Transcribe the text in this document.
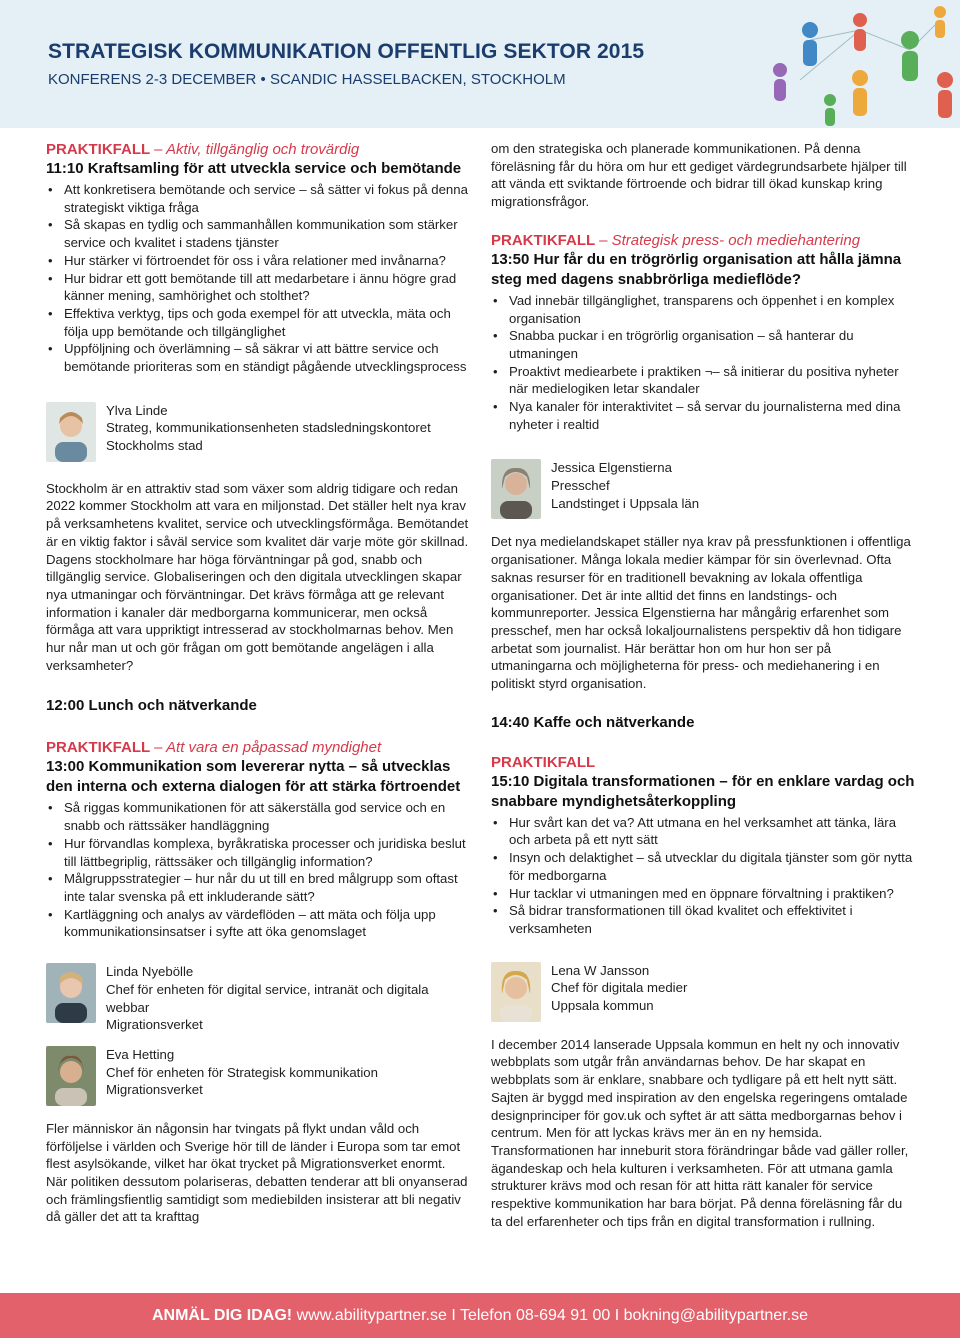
STRATEGISK KOMMUNIKATION OFFENTLIG SEKTOR 2015
KONFERENS 2-3 DECEMBER • SCANDIC HASSELBACKEN, STOCKHOLM
PRAKTIKFALL – Aktiv, tillgänglig och trovärdig
11:10 Kraftsamling för att utveckla service och bemötande
• Att konkretisera bemötande och service – så sätter vi fokus på denna strategiskt viktiga fråga
• Så skapas en tydlig och sammanhållen kommunikation som stärker service och kvalitet i stadens tjänster
• Hur stärker vi förtroendet för oss i våra relationer med invånarna?
• Hur bidrar ett gott bemötande till att medarbetare i ännu högre grad känner mening, samhörighet och stolthet?
• Effektiva verktyg, tips och goda exempel för att utveckla, mäta och följa upp bemötande och tillgänglighet
• Uppföljning och överlämning – så säkrar vi att bättre service och bemötande prioriteras som en ständigt pågående utvecklingsprocess
Ylva Linde
Strateg, kommunikationsenheten stadsledningskontoret
Stockholms stad

Stockholm är en attraktiv stad som växer som aldrig tidigare och redan 2022 kommer Stockholm att vara en miljonstad. Det ställer helt nya krav på verksamhetens kvalitet, service och utvecklingsförmåga. Bemötandet är en viktig faktor i såväl service som kvalitet där varje möte gör skillnad. Dagens stockholmare har höga förväntningar på god, snabb och tillgänglig service. Globaliseringen och den digitala utvecklingen skapar nya utmaningar och förväntningar. Det krävs förmåga att ge relevant information i kanaler där medborgarna kommunicerar, men också förmåga att vara uppriktigt intresserad av stockholmarnas behov. Men hur når man ut och gör frågan om gott bemötande angelägen i alla verksamheter?

12:00 Lunch och nätverkande
PRAKTIKFALL – Att vara en påpassad myndighet
13:00 Kommunikation som levererar nytta – så utvecklas den interna och externa dialogen för att stärka förtroendet
• Så riggas kommunikationen för att säkerställa god service och en snabb och rättssäker handläggning
• Hur förvandlas komplexa, byråkratiska processer och juridiska beslut till lättbegriplig, rättssäker och tillgänglig information?
• Målgruppsstrategier – hur når du ut till en bred målgrupp som oftast inte talar svenska på ett inkluderande sätt?
• Kartläggning och analys av värdeflöden – att mäta och följa upp kommunikationsinsatser i syfte att öka genomslaget
Linda Nyebölle
Chef för enheten för digital service, intranät och digitala webbar
Migrationsverket
Eva Hetting
Chef för enheten för Strategisk kommunikation
Migrationsverket

Fler människor än någonsin har tvingats på flykt undan våld och förföljelse i världen och Sverige hör till de länder i Europa som tar emot flest asylsökande, vilket har ökat trycket på Migrationsverket enormt. När politiken dessutom polariseras, debatten tenderar att bli onyanserad och främlingsfientlig samtidigt som mediebilden insisterar att bli negativ då gäller det att ta krafttag

om den strategiska och planerade kommunikationen. På denna föreläsning får du höra om hur ett gediget värdegrundsarbete hjälper till att vända ett sviktande förtroende och bidrar till ökad kunskap kring migrationsfrågor.

PRAKTIKFALL – Strategisk press- och mediehantering
13:50 Hur får du en trögrörlig organisation att hålla jämna steg med dagens snabbrörliga medieflöde?
• Vad innebär tillgänglighet, transparens och öppenhet i en komplex organisation
• Snabba puckar i en trögrörlig organisation – så hanterar du utmaningen
• Proaktivt mediearbete i praktiken ¬– så initierar du positiva nyheter när medielogiken letar skandaler
• Nya kanaler för interaktivitet – så servar du journalisterna med dina nyheter i realtid
Jessica Elgenstierna
Presschef
Landstinget i Uppsala län

Det nya medielandskapet ställer nya krav på pressfunktionen i offentliga organisationer. Många lokala medier kämpar för sin överlevnad. Ofta saknas resurser för en traditionell bevakning av lokala offentliga organisationer. Det är inte alltid det finns en landstings- och kommunreporter. Jessica Elgenstierna har mångårig erfarenhet som presschef, men har också lokaljournalistens perspektiv då hon tidigare arbetat som journalist. Här berättar hon om hur hon ser på utmaningarna och möjligheterna för press- och mediehanering i en politiskt styrd organisation.

14:40 Kaffe och nätverkande
PRAKTIKFALL
15:10 Digitala transformationen – för en enklare vardag och snabbare myndighetsåterkoppling
• Hur svårt kan det va? Att utmana en hel verksamhet att tänka, lära och arbeta på ett nytt sätt
• Insyn och delaktighet – så utvecklar du digitala tjänster som gör nytta för medborgarna
• Hur tacklar vi utmaningen med en öppnare förvaltning i praktiken?
• Så bidrar transformationen till ökad kvalitet och effektivitet i verksamheten
Lena W Jansson
Chef för digitala medier
Uppsala kommun

I december 2014 lanserade Uppsala kommun en helt ny och innovativ webbplats som utgår från användarnas behov. De har skapat en webbplats som är enklare, snabbare och tydligare på ett helt nytt sätt. Sajten är byggd med inspiration av den engelska regeringens omtalade designprinciper för gov.uk och syftet är att sätta medborgarnas behov i centrum. Men för att lyckas krävs mer än en ny hemsida. Transformationen har inneburit stora förändringar både vad gäller roller, ägandeskap och hela kulturen i verksamheten. För att utmana gamla strukturer krävs mod och resan för att hitta rätt kanaler för service respektive kommunikation har bara börjat. På denna föreläsning får du ta del erfarenheter och tips från en digital transformation i rullning.

ANMÄL DIG IDAG! www.abilitypartner.se I Telefon 08-694 91 00 I bokning@abilitypartner.se
